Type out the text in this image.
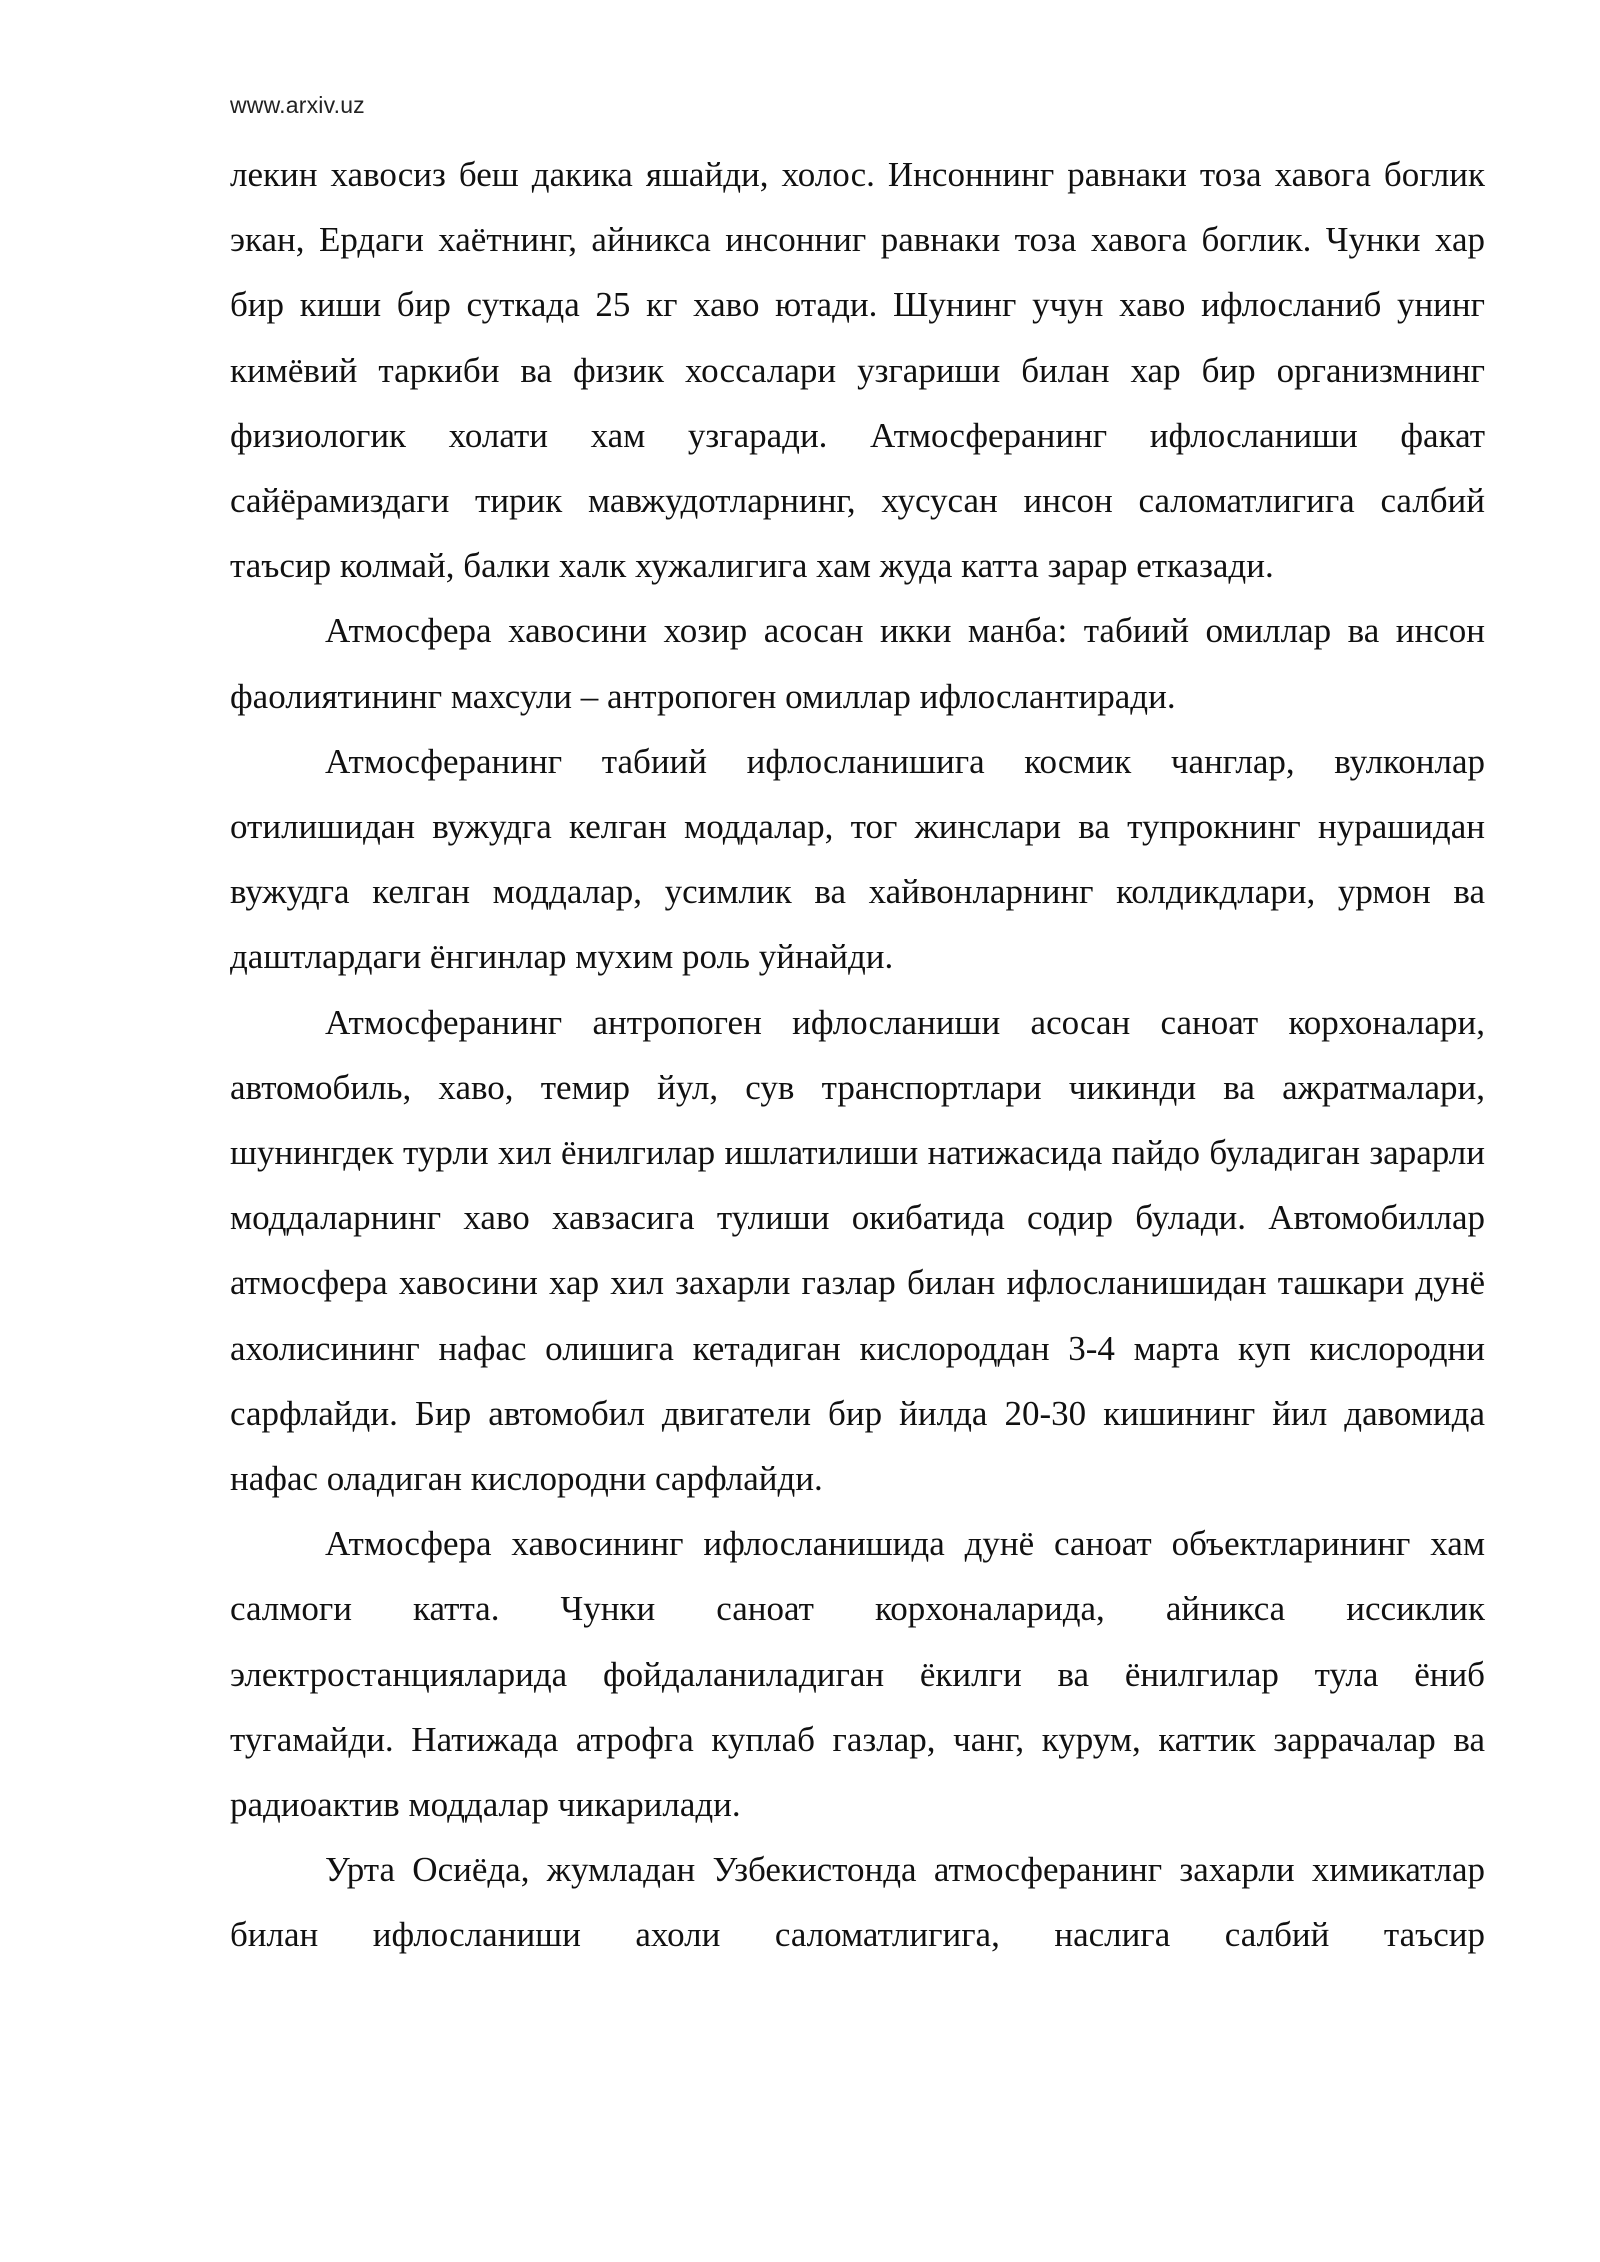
www.arxiv.uz

лекин хавосиз беш дакика яшайди, холос. Инсоннинг равнаки тоза хавога боглик экан, Ердаги хаётнинг, айникса инсонниг равнаки тоза хавога боглик. Чунки хар бир киши бир суткада 25 кг хаво ютади. Шунинг учун хаво ифлосланиб унинг кимёвий таркиби ва физик хоссалари узгариши билан хар бир организмнинг физиологик холати хам узгаради. Атмосферанинг ифлосланиши факат сайёрамиздаги тирик мавжудотларнинг, хусусан инсон саломатлигига салбий таъсир колмай, балки халк хужалигига хам жуда катта зарар етказади.

Атмосфера хавосини хозир асосан икки манба: табиий омиллар ва инсон фаолиятининг махсули – антропоген омиллар ифлослантиради.

Атмосферанинг табиий ифлосланишига космик чанглар, вулконлар отилишидан вужудга келган моддалар, тог жинслари ва тупрокнинг нурашидан вужудга келган моддалар, усимлик ва хайвонларнинг колдикдлари, урмон ва даштлардаги ёнгинлар мухим роль уйнайди.

Атмосферанинг антропоген ифлосланиши асосан саноат корхоналари, автомобиль, хаво, темир йул, сув транспортлари чикинди ва ажратмалари, шунингдек турли хил ёнилгилар ишлатилиши натижасида пайдо буладиган зарарли моддаларнинг хаво хавзасига тулиши окибатида содир булади. Автомобиллар атмосфера хавосини хар хил захарли газлар билан ифлосланишидан ташкари дунё ахолисининг нафас олишига кетадиган кислороддан 3-4 марта куп кислородни сарфлайди. Бир автомобил двигатели бир йилда 20-30 кишининг йил давомида нафас оладиган кислородни сарфлайди.

Атмосфера хавосининг ифлосланишида дунё саноат объектларининг хам салмоги катта. Чунки саноат корхоналарида, айникса иссиклик электростанцияларида фойдаланиладиган ёкилги ва ёнилгилар тула ёниб тугамайди. Натижада атрофга куплаб газлар, чанг, курум, каттик заррачалар ва радиоактив моддалар чикарилади.

Урта Осиёда, жумладан Узбекистонда атмосферанинг захарли химикатлар билан ифлосланиши ахоли саломатлигига, наслига салбий таъсир
